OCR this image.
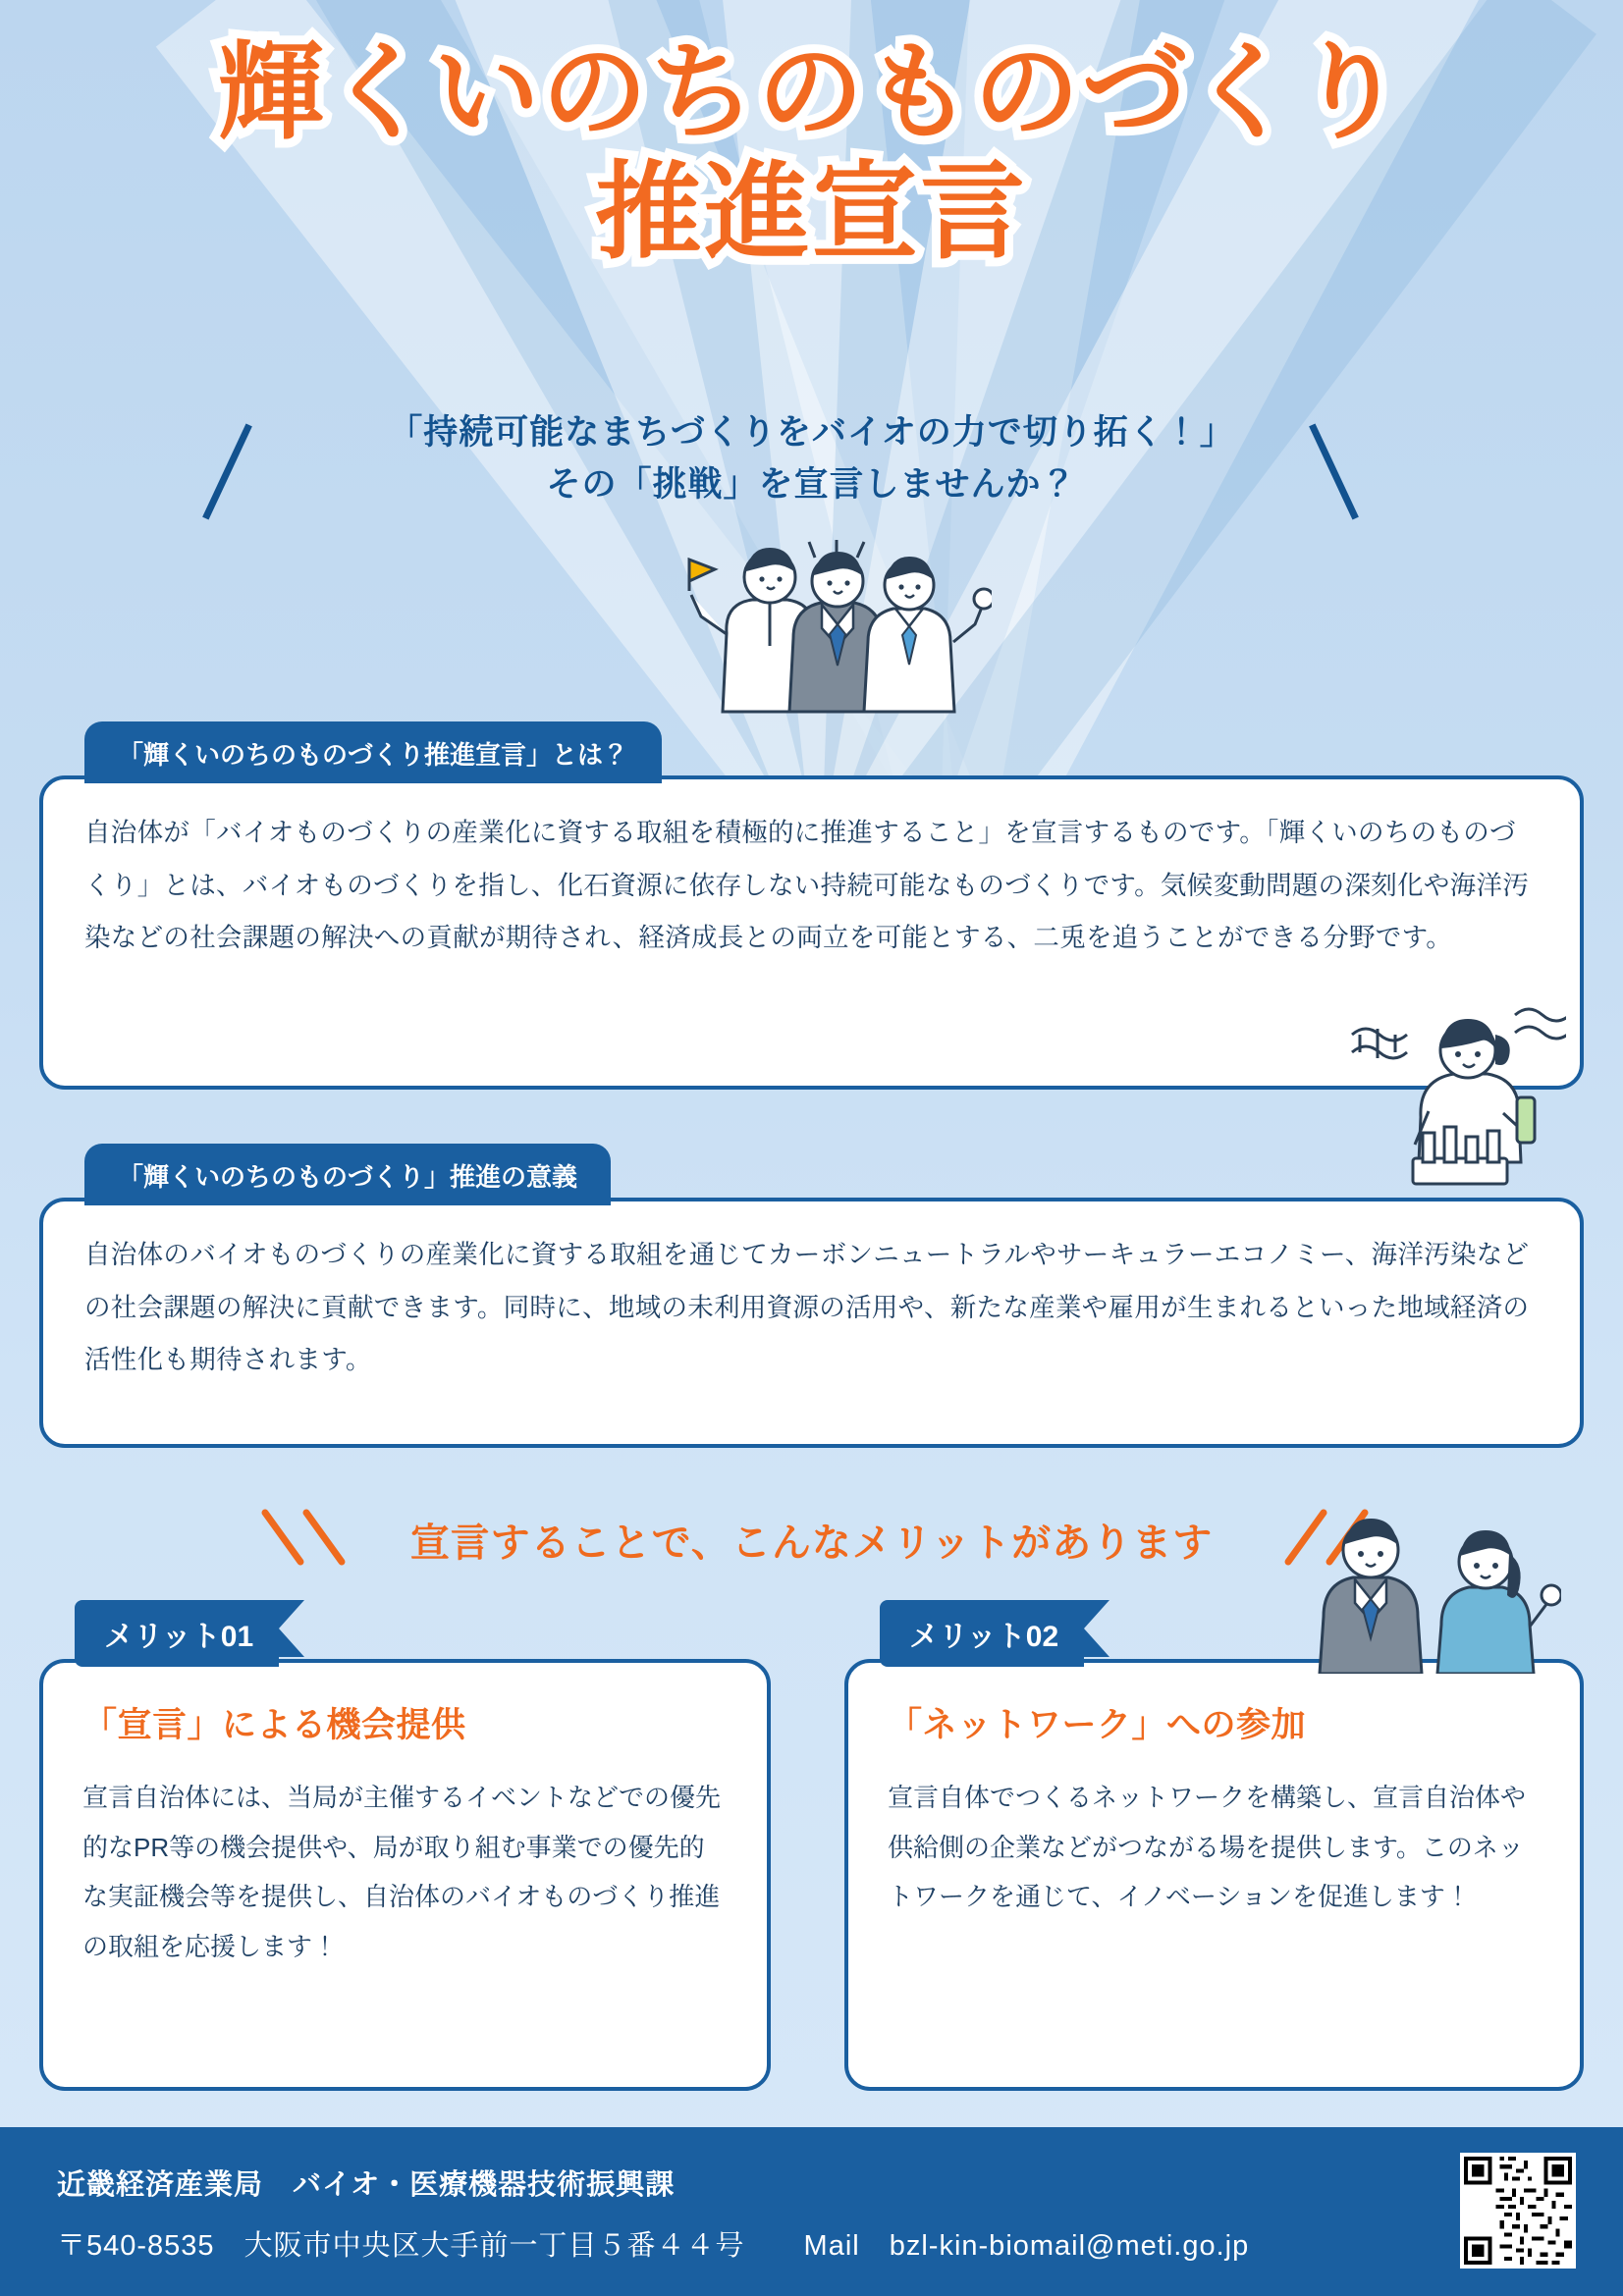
輝くいのちのものづくり
推進宣言
「持続可能なまちづくりをバイオの力で切り拓く！」
その「挑戦」を宣言しませんか？
「輝くいのちのものづくり推進宣言」とは？
自治体が「バイオものづくりの産業化に資する取組を積極的に推進すること」を宣言するものです。「輝くいのちのものづくり」とは、バイオものづくりを指し、化石資源に依存しない持続可能なものづくりです。気候変動問題の深刻化や海洋汚染などの社会課題の解決への貢献が期待され、経済成長との両立を可能とする、二兎を追うことができる分野です。
「輝くいのちのものづくり」推進の意義
自治体のバイオものづくりの産業化に資する取組を通じてカーボンニュートラルやサーキュラーエコノミー、海洋汚染などの社会課題の解決に貢献できます。同時に、地域の未利用資源の活用や、新たな産業や雇用が生まれるといった地域経済の活性化も期待されます。
宣言することで、こんなメリットがあります
メリット01
「宣言」による機会提供
宣言自治体には、当局が主催するイベントなどでの優先的なPR等の機会提供や、局が取り組む事業での優先的な実証機会等を提供し、自治体のバイオものづくり推進の取組を応援します！
メリット02
「ネットワーク」への参加
宣言自体でつくるネットワークを構築し、宣言自治体や供給側の企業などがつながる場を提供します。このネットワークを通じて、イノベーションを促進します！
近畿経済産業局　バイオ・医療機器技術振興課
〒540-8535　大阪市中央区大手前一丁目５番４４号　　Mail　bzl-kin-biomail@meti.go.jp
